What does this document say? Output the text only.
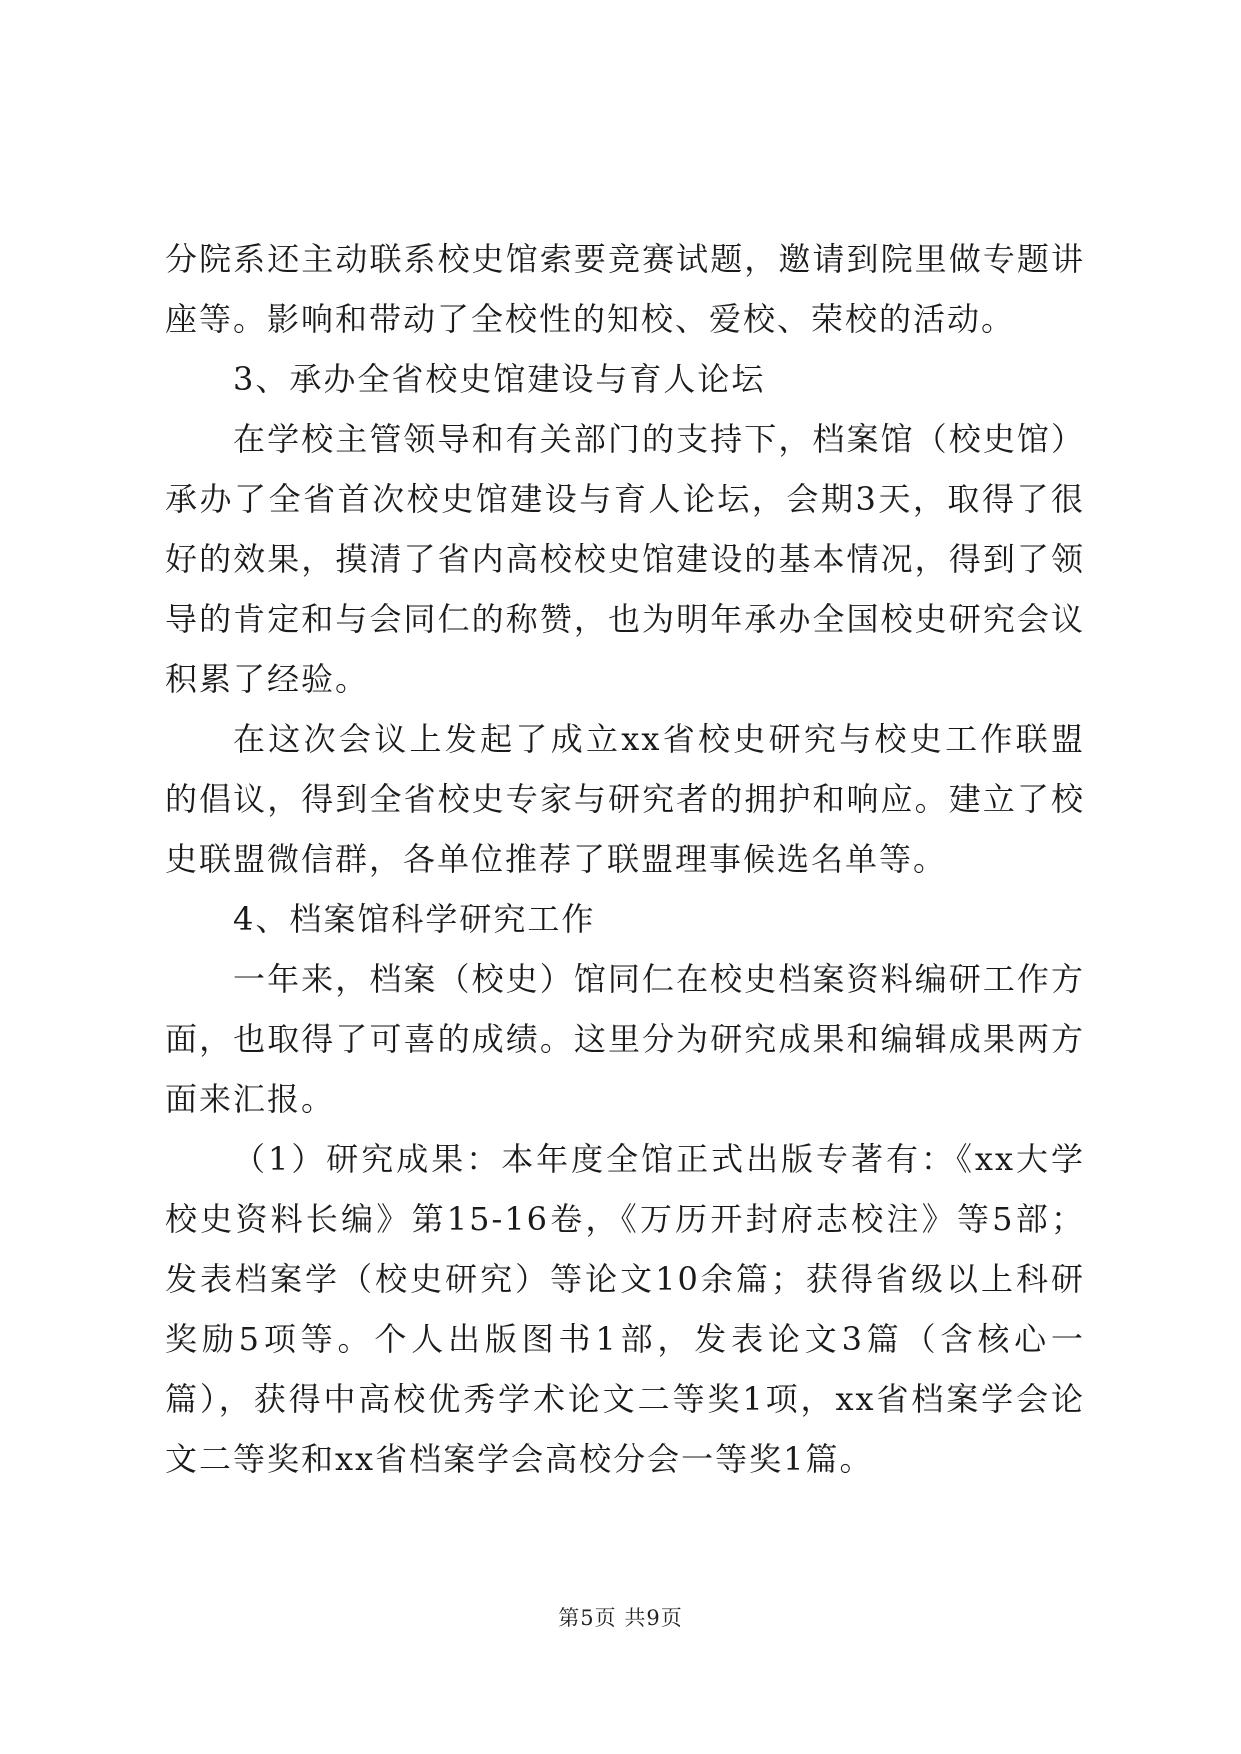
分院系还主动联系校史馆索要竞赛试题，邀请到院里做专题讲座等。影响和带动了全校性的知校、爱校、荣校的活动。

3、承办全省校史馆建设与育人论坛

在学校主管领导和有关部门的支持下，档案馆（校史馆）承办了全省首次校史馆建设与育人论坛，会期3天，取得了很好的效果，摸清了省内高校校史馆建设的基本情况，得到了领导的肯定和与会同仁的称赞，也为明年承办全国校史研究会议积累了经验。

在这次会议上发起了成立xx省校史研究与校史工作联盟的倡议，得到全省校史专家与研究者的拥护和响应。建立了校史联盟微信群，各单位推荐了联盟理事候选名单等。

4、档案馆科学研究工作

一年来，档案（校史）馆同仁在校史档案资料编研工作方面，也取得了可喜的成绩。这里分为研究成果和编辑成果两方面来汇报。

（1）研究成果：本年度全馆正式出版专著有：《xx大学校史资料长编》第15-16卷，《万历开封府志校注》等5部；发表档案学（校史研究）等论文10余篇；获得省级以上科研奖励5项等。个人出版图书1部，发表论文3篇（含核心一篇），获得中高校优秀学术论文二等奖1项，xx省档案学会论文二等奖和xx省档案学会高校分会一等奖1篇。

第5页 共9页
